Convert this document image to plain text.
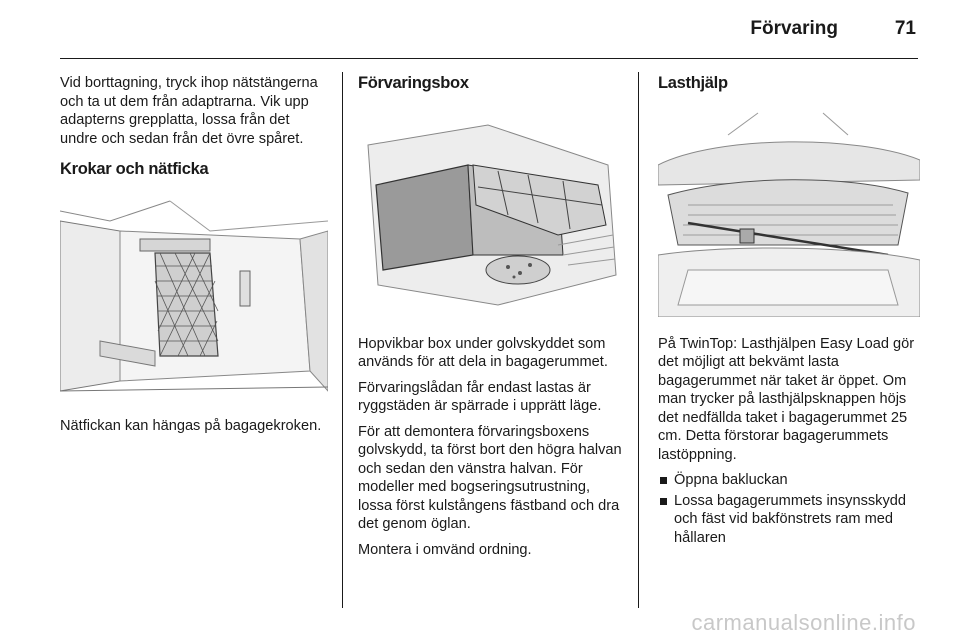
Förvaring	71

Vid borttagning, tryck ihop nätstängerna och ta ut dem från adaptrarna. Vik upp adapterns grepplatta, lossa från det undre och sedan från det övre spåret.

Krokar och nätficka

Nätfickan kan hängas på bagagekroken.

Förvaringsbox

Hopvikbar box under golvskyddet som används för att dela in bagagerummet.

Förvaringslådan får endast lastas är ryggstäden är spärrade i upprätt läge.

För att demontera förvaringsboxens golvskydd, ta först bort den högra halvan och sedan den vänstra halvan. För modeller med bogseringsutrustning, lossa först kulstångens fästband och dra det genom öglan.

Montera i omvänd ordning.

Lasthjälp

På TwinTop: Lasthjälpen Easy Load gör det möjligt att bekvämt lasta bagagerummet när taket är öppet. Om man trycker på lasthjälpsknappen höjs det nedfällda taket i bagagerummet 25 cm. Detta förstorar bagagerummets lastöppning.

Öppna bakluckan
Lossa bagagerummets insynsskydd och fäst vid bakfönstrets ram med hållaren
carmanualsonline.info
